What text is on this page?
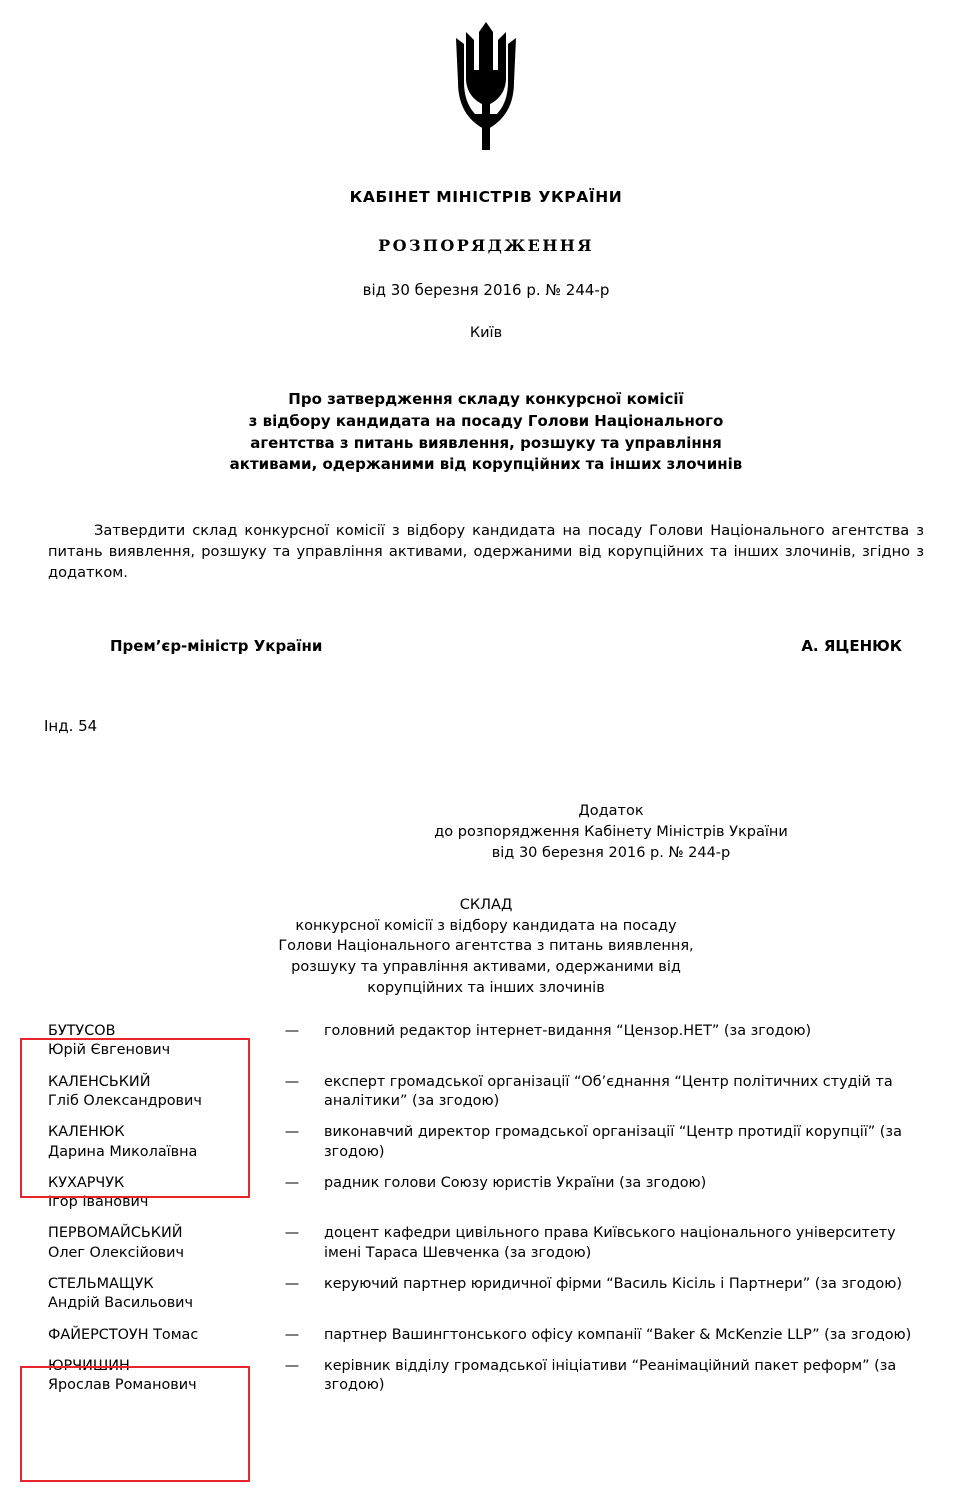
КАБІНЕТ МІНІСТРІВ УКРАЇНИ
РОЗПОРЯДЖЕННЯ
від 30 березня 2016 р. № 244-р
Київ
Про затвердження складу конкурсної комісії
з відбору кандидата на посаду Голови Національного
агентства з питань виявлення, розшуку та управління
активами, одержаними від корупційних та інших злочинів
Затвердити склад конкурсної комісії з відбору кандидата на посаду Голови Національного агентства з питань виявлення, розшуку та управління активами, одержаними від корупційних та інших злочинів, згідно з додатком.
Прем’єр-міністр України	А. ЯЦЕНЮК
Інд. 54
Додаток
до розпорядження Кабінету Міністрів України
від 30 березня 2016 р. № 244-р
СКЛАД
конкурсної комісії з відбору кандидата на посаду
Голови Національного агентства з питань виявлення,
розшуку та управління активами, одержаними від
корупційних та інших злочинів
БУТУСОВ
Юрій Євгенович	—	головний редактор інтернет-видання “Цензор.НЕТ” (за згодою)

КАЛЕНСЬКИЙ
Гліб Олександрович	—	експерт громадської організації “Об’єднання “Центр політичних студій та аналітики” (за згодою)

КАЛЕНЮК
Дарина Миколаївна	—	виконавчий директор громадської організації “Центр протидії корупції” (за згодою)

КУХАРЧУК
Ігор Іванович	—	радник голови Союзу юристів України (за згодою)

ПЕРВОМАЙСЬКИЙ
Олег Олексійович	—	доцент кафедри цивільного права Київського національного університету імені Тараса Шевченка (за згодою)

СТЕЛЬМАЩУК
Андрій Васильович	—	керуючий партнер юридичної фірми “Василь Кісіль і Партнери” (за згодою)

ФАЙЕРСТОУН Томас	—	партнер Вашингтонського офісу компанії “Baker & McKenzie LLP” (за згодою)

ЮРЧИШИН
Ярослав Романович	—	керівник відділу громадської ініціативи “Реанімаційний пакет реформ” (за згодою)
